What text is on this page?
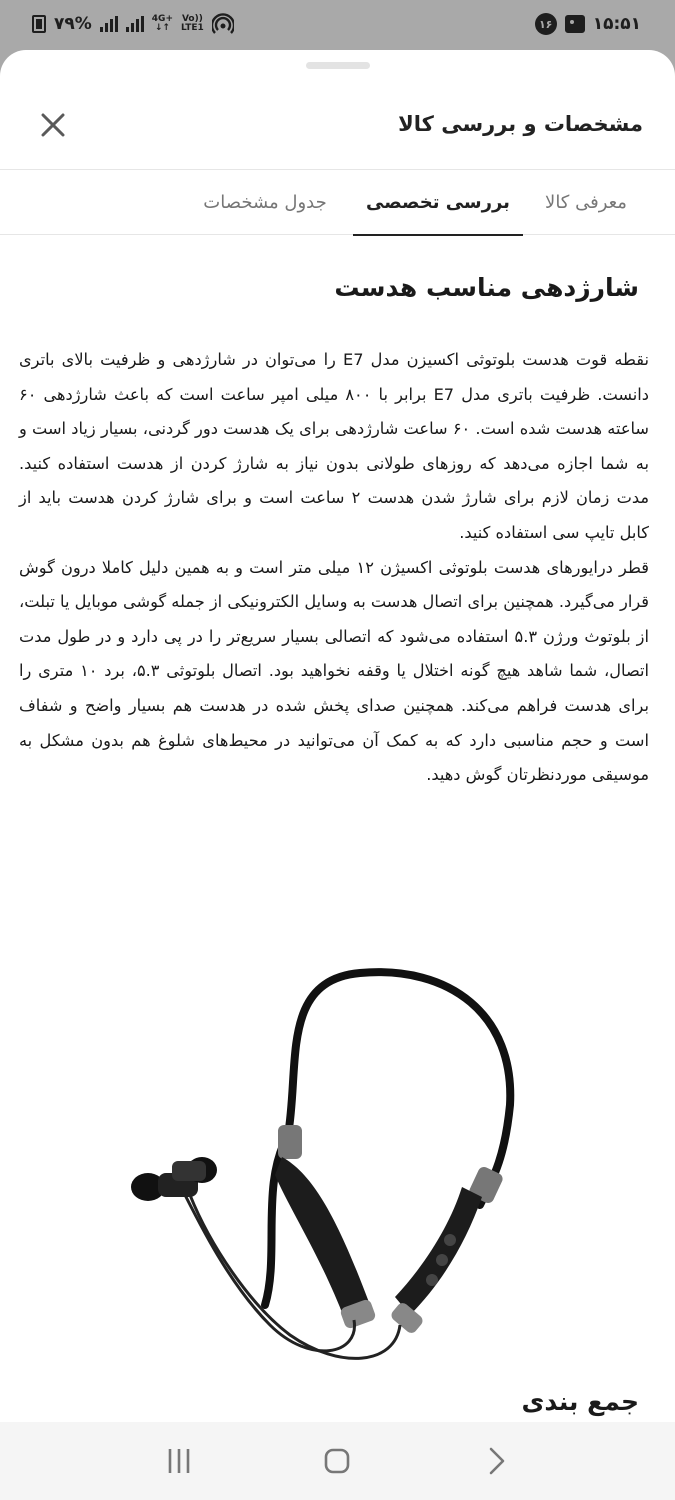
۷۹%	4G+
↓↑
Vo))
LTE1	۱۶ ۱۵:۵۱
مشخصات و بررسی کالا
معرفی کالا
بررسی تخصصی
جدول مشخصات
شارژدهی مناسب هدست
نقطه قوت هدست بلوتوثی اکسیزن مدل E7 را می‌توان در شارژدهی و ظرفیت بالای باتری دانست. ظرفیت باتری مدل E7 برابر با ۸۰۰ میلی امپر ساعت است که باعث شارژدهی ۶۰ ساعته هدست شده است. ۶۰ ساعت شارژدهی برای یک هدست دور گردنی، بسیار زیاد است و به شما اجازه می‌دهد که روزهای طولانی بدون نیاز به شارژ کردن از هدست استفاده کنید. مدت زمان لازم برای شارژ شدن هدست ۲ ساعت است و برای شارژ کردن هدست باید از کابل تایپ سی استفاده کنید.
قطر درایورهای هدست بلوتوثی اکسیژن ۱۲ میلی متر است و به همین دلیل کاملا درون گوش قرار می‌گیرد. همچنین برای اتصال هدست به وسایل الکترونیکی از جمله گوشی موبایل یا تبلت، از بلوتوث ورژن ۵.۳ استفاده می‌شود که اتصالی بسیار سریع‌تر را در پی دارد و در طول مدت اتصال، شما شاهد هیچ گونه اختلال یا وقفه نخواهید بود. اتصال بلوتوثی ۵.۳، برد ۱۰ متری را برای هدست فراهم می‌کند. همچنین صدای پخش شده در هدست هم بسیار واضح و شفاف است و حجم مناسبی دارد که به کمک آن می‌توانید در محیط‌های شلوغ هم بدون مشکل به موسیقی موردنظرتان گوش دهید.
جمع بندی
